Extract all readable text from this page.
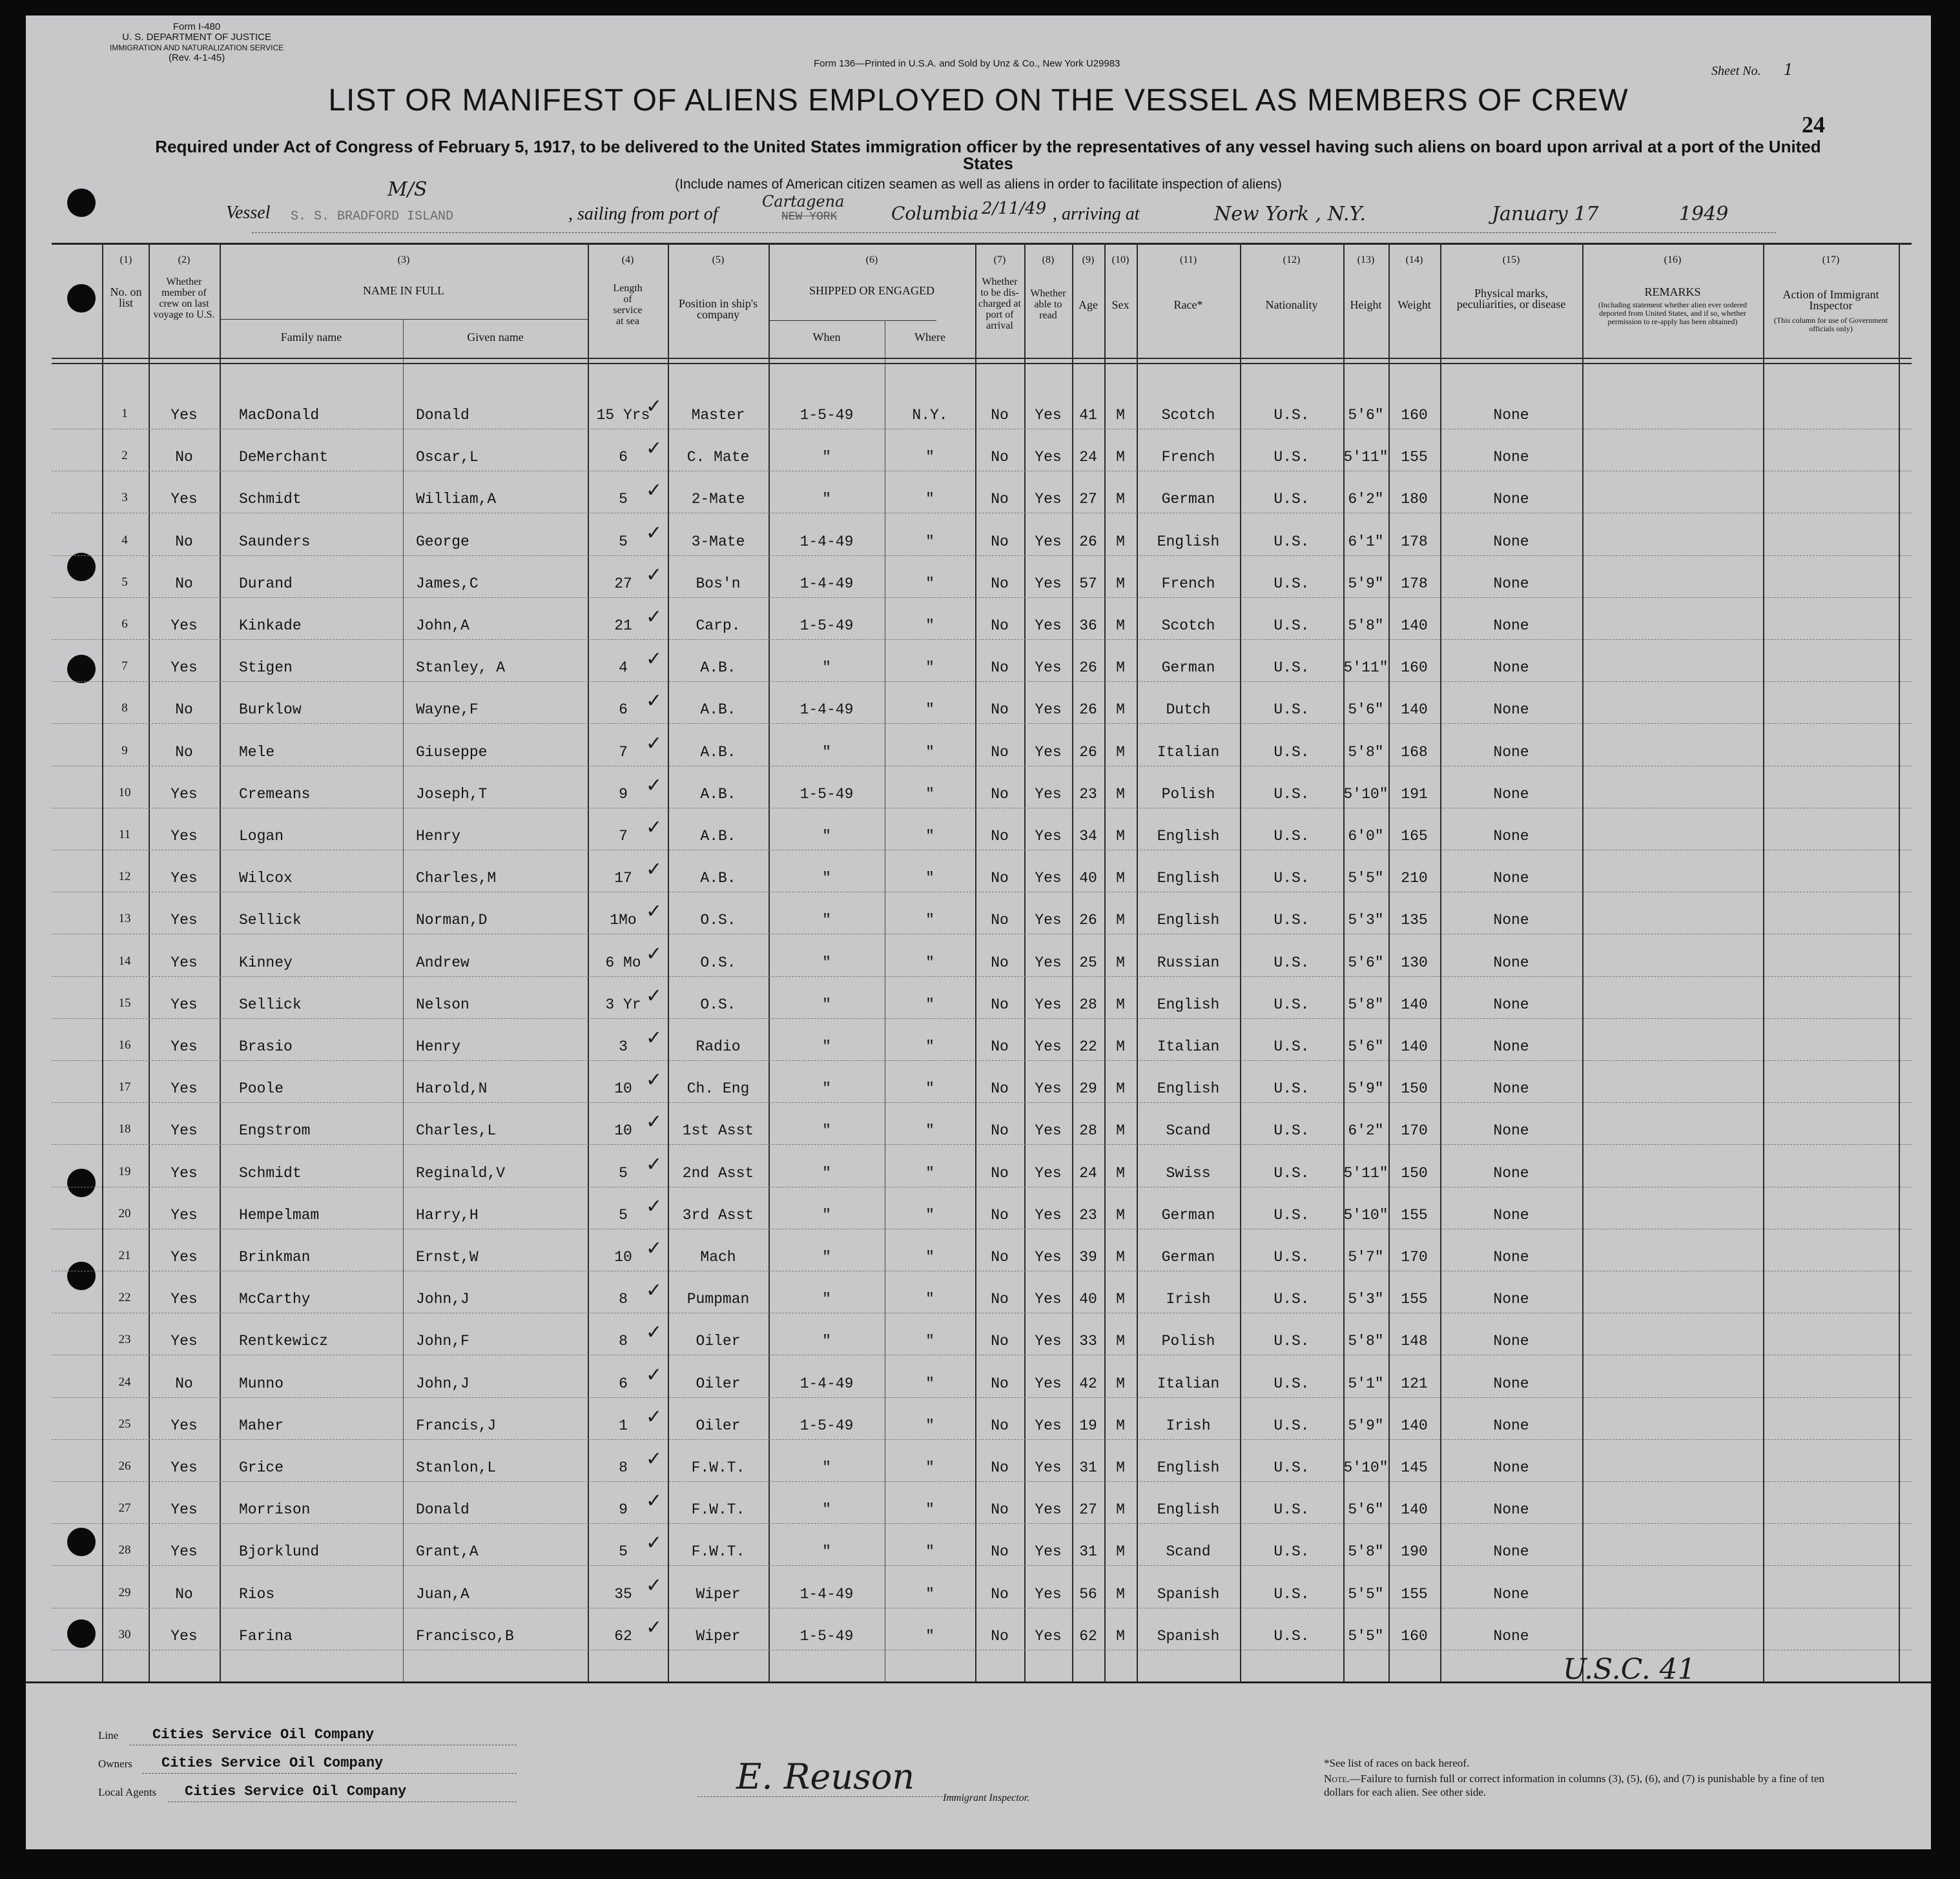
Form I-480
U. S. DEPARTMENT OF JUSTICE
IMMIGRATION AND NATURALIZATION SERVICE
(Rev. 4-1-45)
Form 136—Printed in U.S.A. and Sold by Unz & Co., New York U29983
Sheet No. 1
LIST OR MANIFEST OF ALIENS EMPLOYED ON THE VESSEL AS MEMBERS OF CREW
24
Required under Act of Congress of February 5, 1917, to be delivered to the United States immigration officer by the representatives of any vessel having such aliens on board upon arrival at a port of the United States
(Include names of American citizen seamen as well as aliens in order to facilitate inspection of aliens)
Vessel
M/S
S. S. BRADFORD ISLAND	, sailing from port of
Cartagena
NEW YORK	Columbia 2/11/49 , arriving at	New York , N.Y.	January 17	1949
(1)	(2)	(3)	(4)	(5)	(6)	(7)	(8)	(9)	(10)	(11)	(12)	(13)	(14)	(15)	(16)	(17)
No. on list
Whether member of crew on last voyage to U.S.
NAME IN FULL
Family name	Given name
Length of service at sea
Position in ship's company
SHIPPED OR ENGAGED
When	Where
Whether to be dis-charged at port of arrival
Whether able to read
Age	Sex	Race*	Nationality	Height	Weight
Physical marks, peculiarities, or disease
REMARKS
(Including statement whether alien ever ordered deported from United States, and if so, whether permission to re-apply has been obtained)
Action of Immigrant Inspector
(This column for use of Government officials only)
1	Yes	MacDonald	Donald	15 Yrs	Master	1-5-49	N.Y.	No	Yes	41	M	Scotch	U.S.	5'6"	160	None
✓
2	No	DeMerchant	Oscar,L	6	C. Mate	"	"	No	Yes	24	M	French	U.S.	5'11" 155	None
✓
3	Yes	Schmidt	William,A	5	2-Mate	"	"	No	Yes	27	M	German	U.S.	6'2"	180	None
✓
4	No	Saunders	George	5	3-Mate	1-4-49	"	No	Yes	26	M	English	U.S.	6'1"	178	None
✓
5	No	Durand	James,C	27	Bos'n	1-4-49	"	No	Yes	57	M	French	U.S.	5'9"	178	None
✓
6	Yes	Kinkade	John,A	21	Carp.	1-5-49	"	No	Yes	36	M	Scotch	U.S.	5'8"	140	None
✓
7	Yes	Stigen	Stanley, A	4	A.B.	"	"	No	Yes	26	M	German	U.S.	5'11" 160	None
✓
8	No	Burklow	Wayne,F	6	A.B.	1-4-49	"	No	Yes	26	M	Dutch	U.S.	5'6"	140	None
✓
9	No	Mele	Giuseppe	7	A.B.	"	"	No	Yes	26	M	Italian	U.S.	5'8"	168	None
✓
10	Yes	Cremeans	Joseph,T	9	A.B.	1-5-49	"	No	Yes	23	M	Polish	U.S.	5'10" 191	None
✓
11	Yes	Logan	Henry	7	A.B.	"	"	No	Yes	34	M	English	U.S.	6'0"	165	None
✓
12	Yes	Wilcox	Charles,M	17	A.B.	"	"	No	Yes	40	M	English	U.S.	5'5"	210	None
✓
13	Yes	Sellick	Norman,D	1Mo	O.S.	"	"	No	Yes	26	M	English	U.S.	5'3"	135	None
✓
14	Yes	Kinney	Andrew	6 Mo	O.S.	"	"	No	Yes	25	M	Russian	U.S.	5'6"	130	None
✓
15	Yes	Sellick	Nelson	3 Yr	O.S.	"	"	No	Yes	28	M	English	U.S.	5'8"	140	None
✓
16	Yes	Brasio	Henry	3	Radio	"	"	No	Yes	22	M	Italian	U.S.	5'6"	140	None
✓
17	Yes	Poole	Harold,N	10	Ch. Eng	"	"	No	Yes	29	M	English	U.S.	5'9"	150	None
✓
18	Yes	Engstrom	Charles,L	10	1st Asst	"	"	No	Yes	28	M	Scand	U.S.	6'2"	170	None
✓
19	Yes	Schmidt	Reginald,V	5	2nd Asst	"	"	No	Yes	24	M	Swiss	U.S.	5'11" 150	None
✓
20	Yes	Hempelmam	Harry,H	5	3rd Asst	"	"	No	Yes	23	M	German	U.S.	5'10" 155	None
✓
21	Yes	Brinkman	Ernst,W	10	Mach	"	"	No	Yes	39	M	German	U.S.	5'7"	170	None
✓
22	Yes	McCarthy	John,J	8	Pumpman	"	"	No	Yes	40	M	Irish	U.S.	5'3"	155	None
✓
23	Yes	Rentkewicz	John,F	8	Oiler	"	"	No	Yes	33	M	Polish	U.S.	5'8"	148	None
✓
24	No	Munno	John,J	6	Oiler	1-4-49	"	No	Yes	42	M	Italian	U.S.	5'1"	121	None
✓
25	Yes	Maher	Francis,J	1	Oiler	1-5-49	"	No	Yes	19	M	Irish	U.S.	5'9"	140	None
✓
26	Yes	Grice	Stanlon,L	8	F.W.T.	"	"	No	Yes	31	M	English	U.S.	5'10" 145	None
✓
27	Yes	Morrison	Donald	9	F.W.T.	"	"	No	Yes	27	M	English	U.S.	5'6"	140	None
✓
28	Yes	Bjorklund	Grant,A	5	F.W.T.	"	"	No	Yes	31	M	Scand	U.S.	5'8"	190	None
✓
29	No	Rios	Juan,A	35	Wiper	1-4-49	"	No	Yes	56	M	Spanish	U.S.	5'5"	155	None
✓
30	Yes	Farina	Francisco,B	62	Wiper	1-5-49	"	No	Yes	62	M	Spanish	U.S.	5'5"	160	None
✓
U.S.C. 41
Line Cities Service Oil Company
Owners Cities Service Oil Company
Local Agents Cities Service Oil Company	E. Reuson
Immigrant Inspector.
*See list of races on back hereof.
Note.—Failure to furnish full or correct information in columns (3), (5), (6), and (7) is punishable by a fine of ten dollars for each alien. See other side.
